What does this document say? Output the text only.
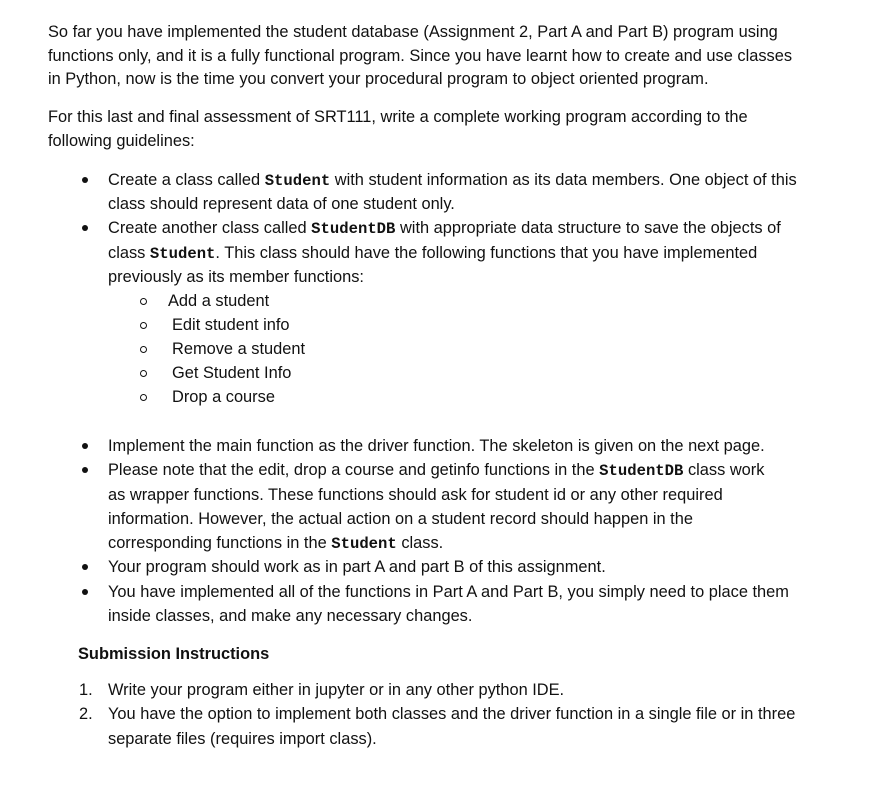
So far you have implemented the student database (Assignment 2, Part A and Part B) program using
functions only, and it is a fully functional program. Since you have learnt how to create and use classes
in Python, now is the time you convert your procedural program to object oriented program.
For this last and final assessment of SRT111, write a complete working program according to the
following guidelines:
Create a class called Student with student information as its data members. One object of this
class should represent data of one student only.
Create another class called StudentDB with appropriate data structure to save the objects of
class Student. This class should have the following functions that you have implemented
previously as its member functions:
Add a student
Edit student info
Remove a student
Get Student Info
Drop a course
Implement the main function as the driver function. The skeleton is given on the next page.
Please note that the edit, drop a course and getinfo functions in the StudentDB class work
as wrapper functions. These functions should ask for student id or any other required
information. However, the actual action on a student record should happen in the
corresponding functions in the Student class.
Your program should work as in part A and part B of this assignment.
You have implemented all of the functions in Part A and Part B, you simply need to place them
inside classes, and make any necessary changes.
Submission Instructions
1. Write your program either in jupyter or in any other python IDE.
2. You have the option to implement both classes and the driver function in a single file or in three
separate files (requires import class).
